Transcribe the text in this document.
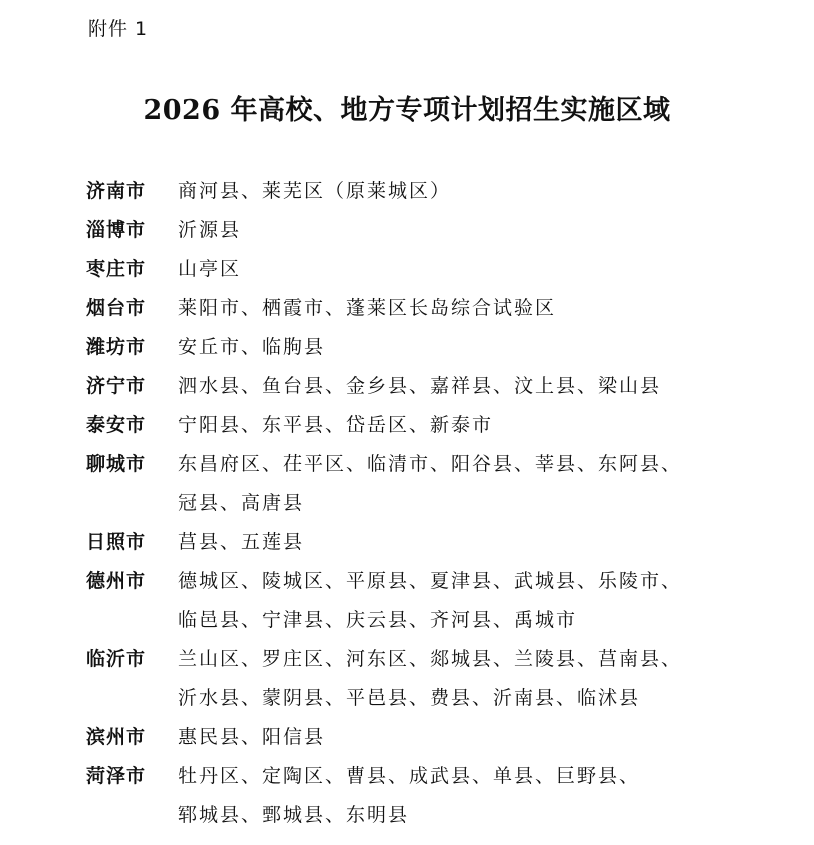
附件 1
2026 年高校、地方专项计划招生实施区域
济南市	商河县、莱芜区（原莱城区）
淄博市	沂源县
枣庄市	山亭区
烟台市	莱阳市、栖霞市、蓬莱区长岛综合试验区
潍坊市	安丘市、临朐县
济宁市	泗水县、鱼台县、金乡县、嘉祥县、汶上县、梁山县
泰安市	宁阳县、东平县、岱岳区、新泰市
聊城市	东昌府区、茌平区、临清市、阳谷县、莘县、东阿县、
冠县、高唐县
日照市	莒县、五莲县
德州市	德城区、陵城区、平原县、夏津县、武城县、乐陵市、
临邑县、宁津县、庆云县、齐河县、禹城市
临沂市	兰山区、罗庄区、河东区、郯城县、兰陵县、莒南县、
沂水县、蒙阴县、平邑县、费县、沂南县、临沭县
滨州市	惠民县、阳信县
菏泽市	牡丹区、定陶区、曹县、成武县、单县、巨野县、
郓城县、鄄城县、东明县
